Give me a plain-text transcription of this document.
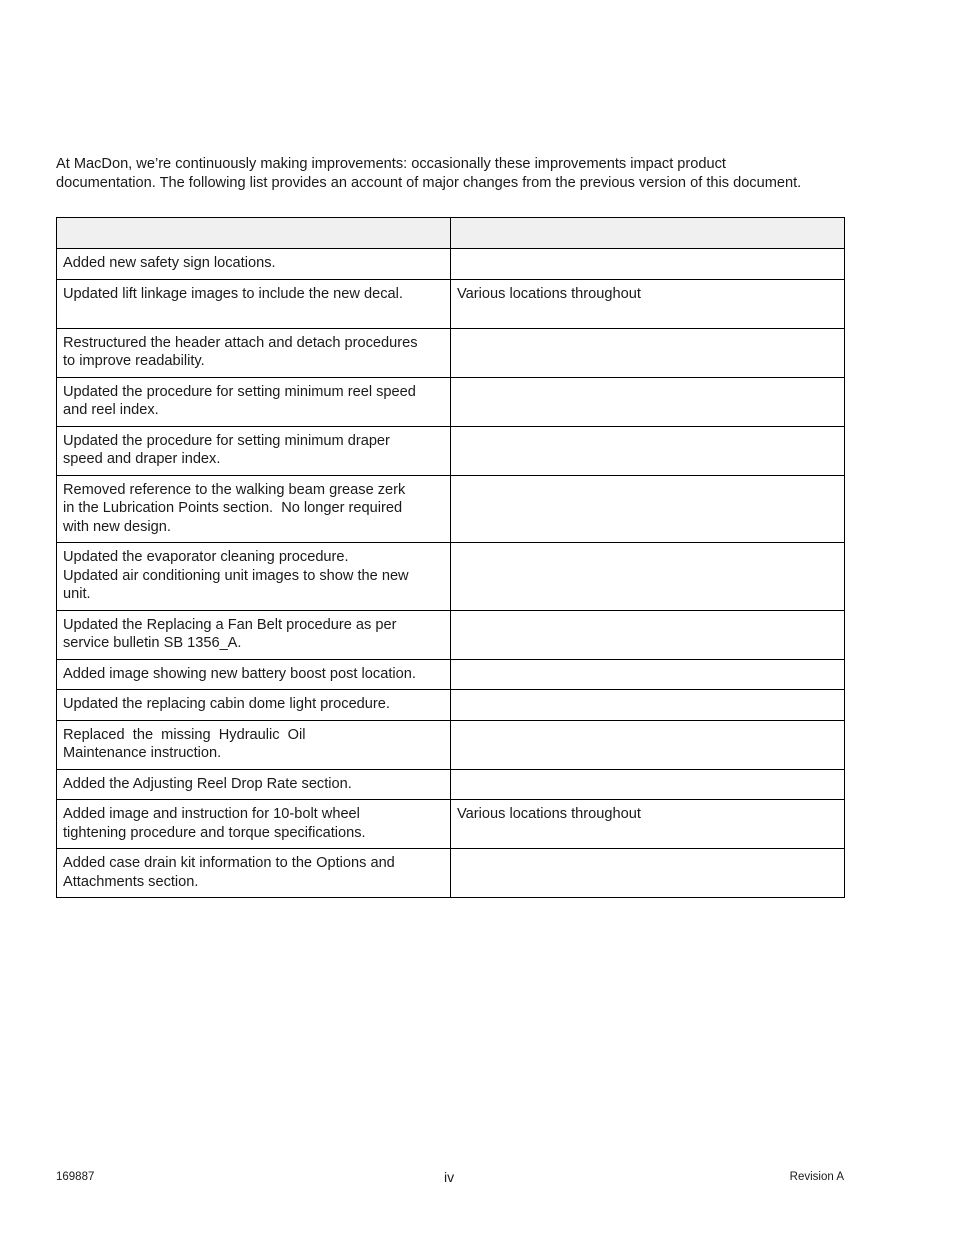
At MacDon, we’re continuously making improvements: occasionally these improvements impact product
documentation. The following list provides an account of major changes from the previous version of this document.

Added new safety sign locations.	

Updated lift linkage images to include the new decal.	Various locations throughout

Restructured the header attach and detach procedures
to improve readability.	

Updated the procedure for setting minimum reel speed
and reel index.	

Updated the procedure for setting minimum draper
speed and draper index.	

Removed reference to the walking beam grease zerk
in the Lubrication Points section.  No longer required
with new design.	

Updated the evaporator cleaning procedure.
Updated air conditioning unit images to show the new
unit.	

Updated the Replacing a Fan Belt procedure as per
service bulletin SB 1356_A.	

Added image showing new battery boost post location.	

Updated the replacing cabin dome light procedure.	

Replaced  the  missing  Hydraulic  Oil
Maintenance instruction.	

Added the Adjusting Reel Drop Rate section.	

Added image and instruction for 10-bolt wheel
tightening procedure and torque specifications.	Various locations throughout

Added case drain kit information to the Options and
Attachments section.	

169887	iv	Revision A
